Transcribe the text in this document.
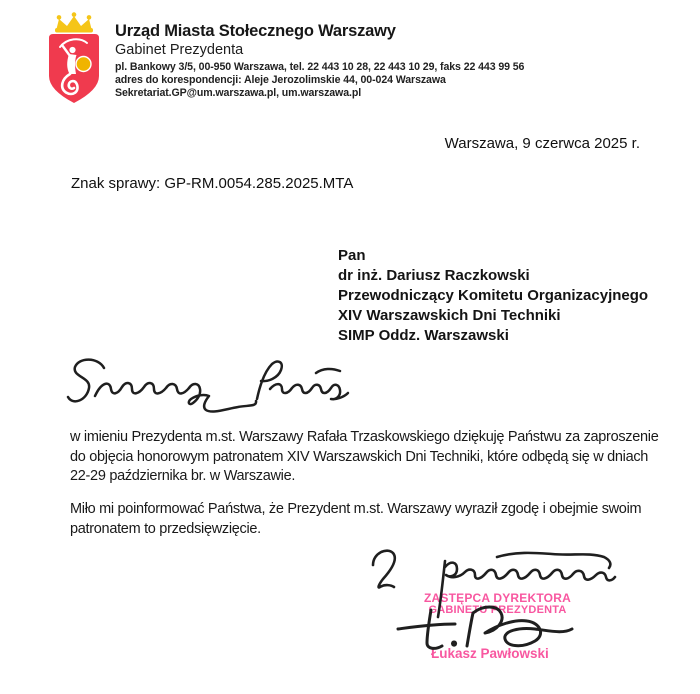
Urząd Miasta Stołecznego Warszawy
Gabinet Prezydenta
pl. Bankowy 3/5, 00-950 Warszawa, tel. 22 443 10 28, 22 443 10 29, faks 22 443 99 56
adres do korespondencji: Aleje Jerozolimskie 44, 00-024 Warszawa
Sekretariat.GP@um.warszawa.pl, um.warszawa.pl
Warszawa, 9 czerwca 2025 r.
Znak sprawy: GP-RM.0054.285.2025.MTA
Pan
dr inż. Dariusz Raczkowski
Przewodniczący Komitetu Organizacyjnego
XIV Warszawskich Dni Techniki
SIMP Oddz. Warszawski
w imieniu Prezydenta m.st. Warszawy Rafała Trzaskowskiego dziękuję Państwu za zaproszenie
do objęcia honorowym patronatem XIV Warszawskich Dni Techniki, które odbędą się w dniach
22-29 października br. w Warszawie.
Miło mi poinformować Państwa, że Prezydent m.st. Warszawy wyraził zgodę i obejmie swoim
patronatem to przedsięwzięcie.
ZASTĘPCA DYREKTORA
GABINETU PREZYDENTA
Łukasz Pawłowski
